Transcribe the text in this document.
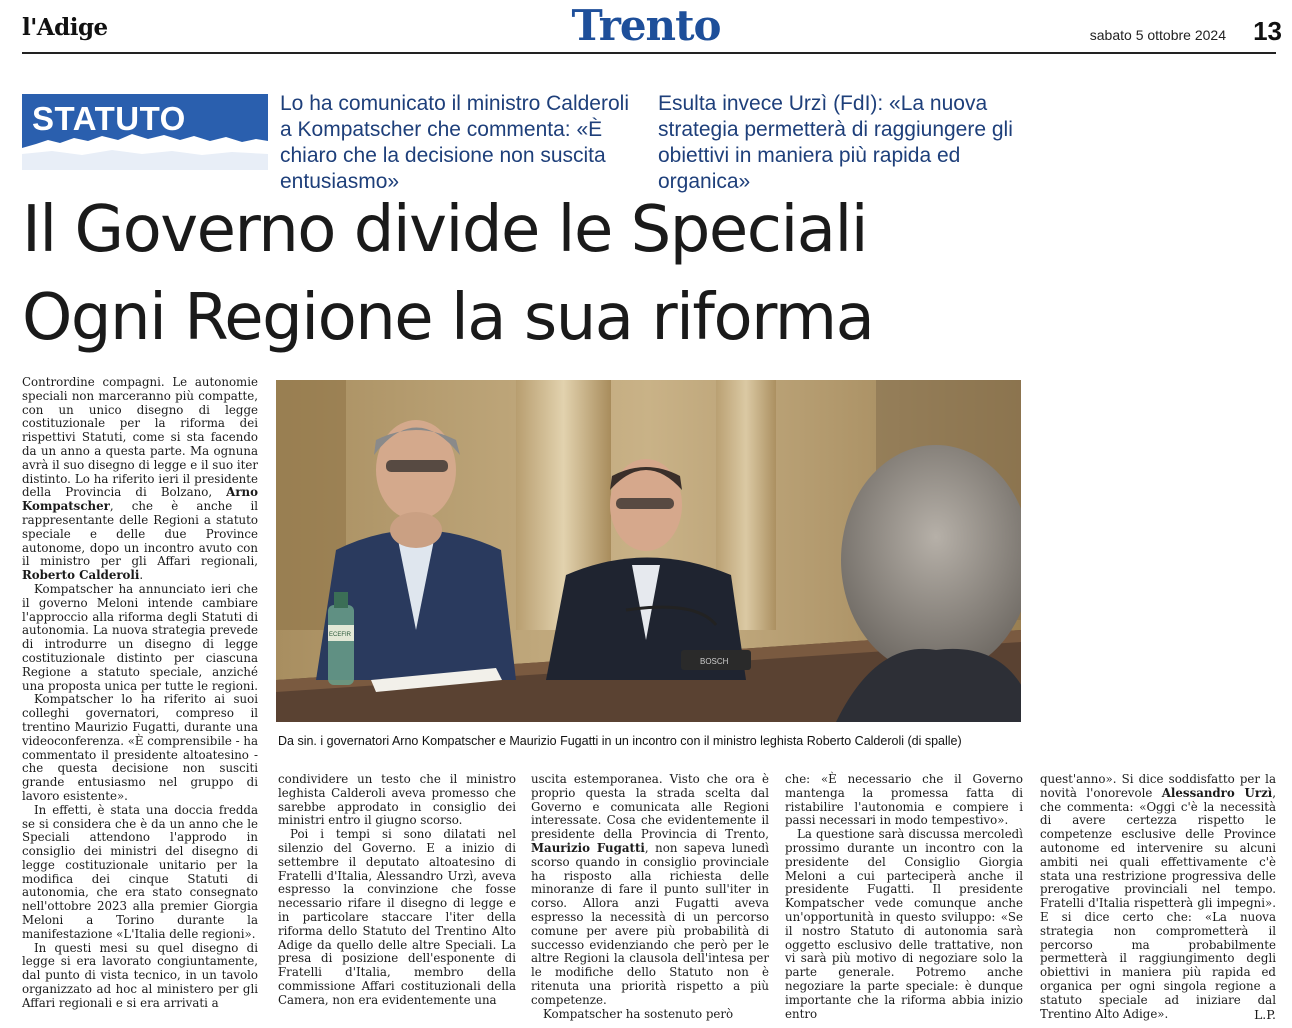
l'Adige	Trento	sabato 5 ottobre 2024	13
STATUTO	Lo ha comunicato il ministro Calderoli a Kompatscher che commenta: «È chiaro che la decisione non suscita entusiasmo»
Esulta invece Urzì (FdI): «La nuova strategia permetterà di raggiungere gli obiettivi in maniera più rapida ed organica»
Il Governo divide le Speciali
Ogni Regione la sua riforma

Contrordine compagni. Le autonomie speciali non marceranno più compatte, con un unico disegno di legge costituzionale per la riforma dei rispettivi Statuti, come si sta facendo da un anno a questa parte. Ma ognuna avrà il suo disegno di legge e il suo iter distinto. Lo ha riferito ieri il presidente della Provincia di Bolzano, Arno Kompatscher, che è anche il rappresentante delle Regioni a statuto speciale e delle due Province autonome, dopo un incontro avuto con il ministro per gli Affari regionali, Roberto Calderoli.

Kompatscher ha annunciato ieri che il governo Meloni intende cambiare l'approccio alla riforma degli Statuti di autonomia. La nuova strategia prevede di introdurre un disegno di legge costituzionale distinto per ciascuna Regione a statuto speciale, anziché una proposta unica per tutte le regioni.

Kompatscher lo ha riferito ai suoi colleghi governatori, compreso il trentino Maurizio Fugatti, durante una videoconferenza. «È comprensibile - ha commentato il presidente altoatesino - che questa decisione non susciti grande entusiasmo nel gruppo di lavoro esistente».

In effetti, è stata una doccia fredda se si considera che è da un anno che le Speciali attendono l'approdo in consiglio dei ministri del disegno di legge costituzionale unitario per la modifica dei cinque Statuti di autonomia, che era stato consegnato nell'ottobre 2023 alla premier Giorgia Meloni a Torino durante la manifestazione «L'Italia delle regioni».

In questi mesi su quel disegno di legge si era lavorato congiuntamente, dal punto di vista tecnico, in un tavolo organizzato ad hoc al ministero per gli Affari regionali e si era arrivati a

BOSCH
ECEFIR
Da sin. i governatori Arno Kompatscher e Maurizio Fugatti in un incontro con il ministro leghista Roberto Calderoli (di spalle)

condividere un testo che il ministro leghista Calderoli aveva promesso che sarebbe approdato in consiglio dei ministri entro il giugno scorso.

Poi i tempi si sono dilatati nel silenzio del Governo. E a inizio di settembre il deputato altoatesino di Fratelli d'Italia, Alessandro Urzì, aveva espresso la convinzione che fosse necessario rifare il disegno di legge e in particolare staccare l'iter della riforma dello Statuto del Trentino Alto Adige da quello delle altre Speciali. La presa di posizione dell'esponente di Fratelli d'Italia, membro della commissione Affari costituzionali della Camera, non era evidentemente una

uscita estemporanea. Visto che ora è proprio questa la strada scelta dal Governo e comunicata alle Regioni interessate. Cosa che evidentemente il presidente della Provincia di Trento, Maurizio Fugatti, non sapeva lunedì scorso quando in consiglio provinciale ha risposto alla richiesta delle minoranze di fare il punto sull'iter in corso. Allora anzi Fugatti aveva espresso la necessità di un percorso comune per avere più probabilità di successo evidenziando che però per le altre Regioni la clausola dell'intesa per le modifiche dello Statuto non è ritenuta una priorità rispetto a più competenze.

Kompatscher ha sostenuto però

che: «È necessario che il Governo mantenga la promessa fatta di ristabilire l'autonomia e compiere i passi necessari in modo tempestivo».

La questione sarà discussa mercoledì prossimo durante un incontro con la presidente del Consiglio Giorgia Meloni a cui parteciperà anche il presidente Fugatti. Il presidente Kompatscher vede comunque anche un'opportunità in questo sviluppo: «Se il nostro Statuto di autonomia sarà oggetto esclusivo delle trattative, non vi sarà più motivo di negoziare solo la parte generale. Potremo anche negoziare la parte speciale: è dunque importante che la riforma abbia inizio entro

quest'anno». Si dice soddisfatto per la novità l'onorevole Alessandro Urzì, che commenta: «Oggi c'è la necessità di avere certezza rispetto le competenze esclusive delle Province autonome ed intervenire su alcuni ambiti nei quali effettivamente c'è stata una restrizione progressiva delle prerogative provinciali nel tempo. Fratelli d'Italia rispetterà gli impegni». E si dice certo che: «La nuova strategia non comprometterà il percorso ma probabilmente permetterà il raggiungimento degli obiettivi in maniera più rapida ed organica per ogni singola regione a statuto speciale ad iniziare dal Trentino Alto Adige».	L.P.
